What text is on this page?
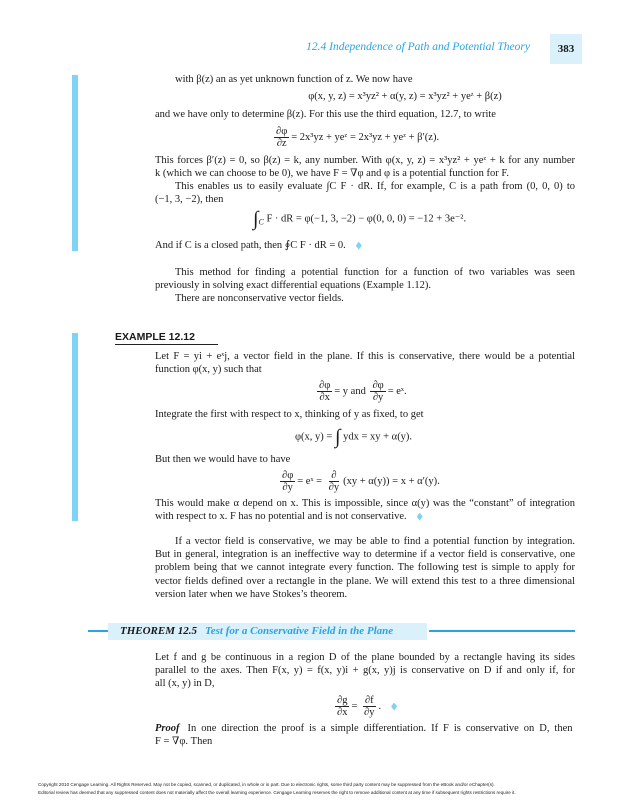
12.4 Independence of Path and Potential Theory	383
with β(z) an as yet unknown function of z. We now have
φ(x, y, z) = x³yz² + α(y, z) = x³yz² + yeᶻ + β(z)
and we have only to determine β(z). For this use the third equation, 12.7, to write
$\frac{\partial\varphi}{\partial z} = 2x^3yz$ + yeᶻ = 2x³yz + yeᶻ + β′(z).
This forces β′(z) = 0, so β(z) = k, any number. With φ(x, y, z) = x³yz² + yeᶻ + k for any number
k (which we can choose to be 0), we have F = ∇φ and φ is a potential function for F.
This enables us to easily evaluate ∫C F · dR. If, for example, C is a path from (0, 0, 0) to
(−1, 3, −2), then
$\int_C$ F · dR = φ(−1, 3, −2) − φ(0, 0, 0) = −12 + 3e⁻².
And if C is a closed path, then ∮C F · dR = 0.
This method for finding a potential function for a function of two variables was seen
previously in solving exact differential equations (Example 1.12).
There are nonconservative vector fields.
EXAMPLE 12.12
Let F = yi + eˣj, a vector field in the plane. If this is conservative, there would be a potential
function φ(x, y) such that
$\frac{\partial\varphi}{\partial x} = y$ and $\frac{\partial\varphi}{\partial y}$ = eˣ.
Integrate the first with respect to x, thinking of y as fixed, to get
φ(x, y) = ∫ ydx = xy + α(y).
But then we would have to have
$\frac{\partial\varphi}{\partial y}$ = eˣ = $\frac{\partial}{\partial y} (xy + \alpha(y)) = x + \alpha'(y)$.
This would make α depend on x. This is impossible, since α(y) was the “constant” of integration
with respect to x. F has no potential and is not conservative.
If a vector field is conservative, we may be able to find a potential function by integration.
But in general, integration is an ineffective way to determine if a vector field is conservative, one
problem being that we cannot integrate every function. The following test is simple to apply for
vector fields defined over a rectangle in the plane. We will extend this test to a three dimensional
version later when we have Stokes’s theorem.
THEOREM 12.5 Test for a Conservative Field in the Plane
Let f and g be continuous in a region D of the plane bounded by a rectangle having its sides
parallel to the axes. Then F(x, y) = f(x, y)i + g(x, y)j is conservative on D if and only if, for
all (x, y) in D,
$\frac{\partial g}{\partial x} = \frac{\partial f}{\partial y}$ .
Proof In one direction the proof is a simple differentiation. If F is conservative on D, then
F = ∇φ. Then
Copyright 2010 Cengage Learning. All Rights Reserved. May not be copied, scanned, or duplicated, in whole or in part. Due to electronic rights, some third party content may be suppressed from the eBook and/or eChapter(s).
Editorial review has deemed that any suppressed content does not materially affect the overall learning experience. Cengage Learning reserves the right to remove additional content at any time if subsequent rights restrictions require it.
